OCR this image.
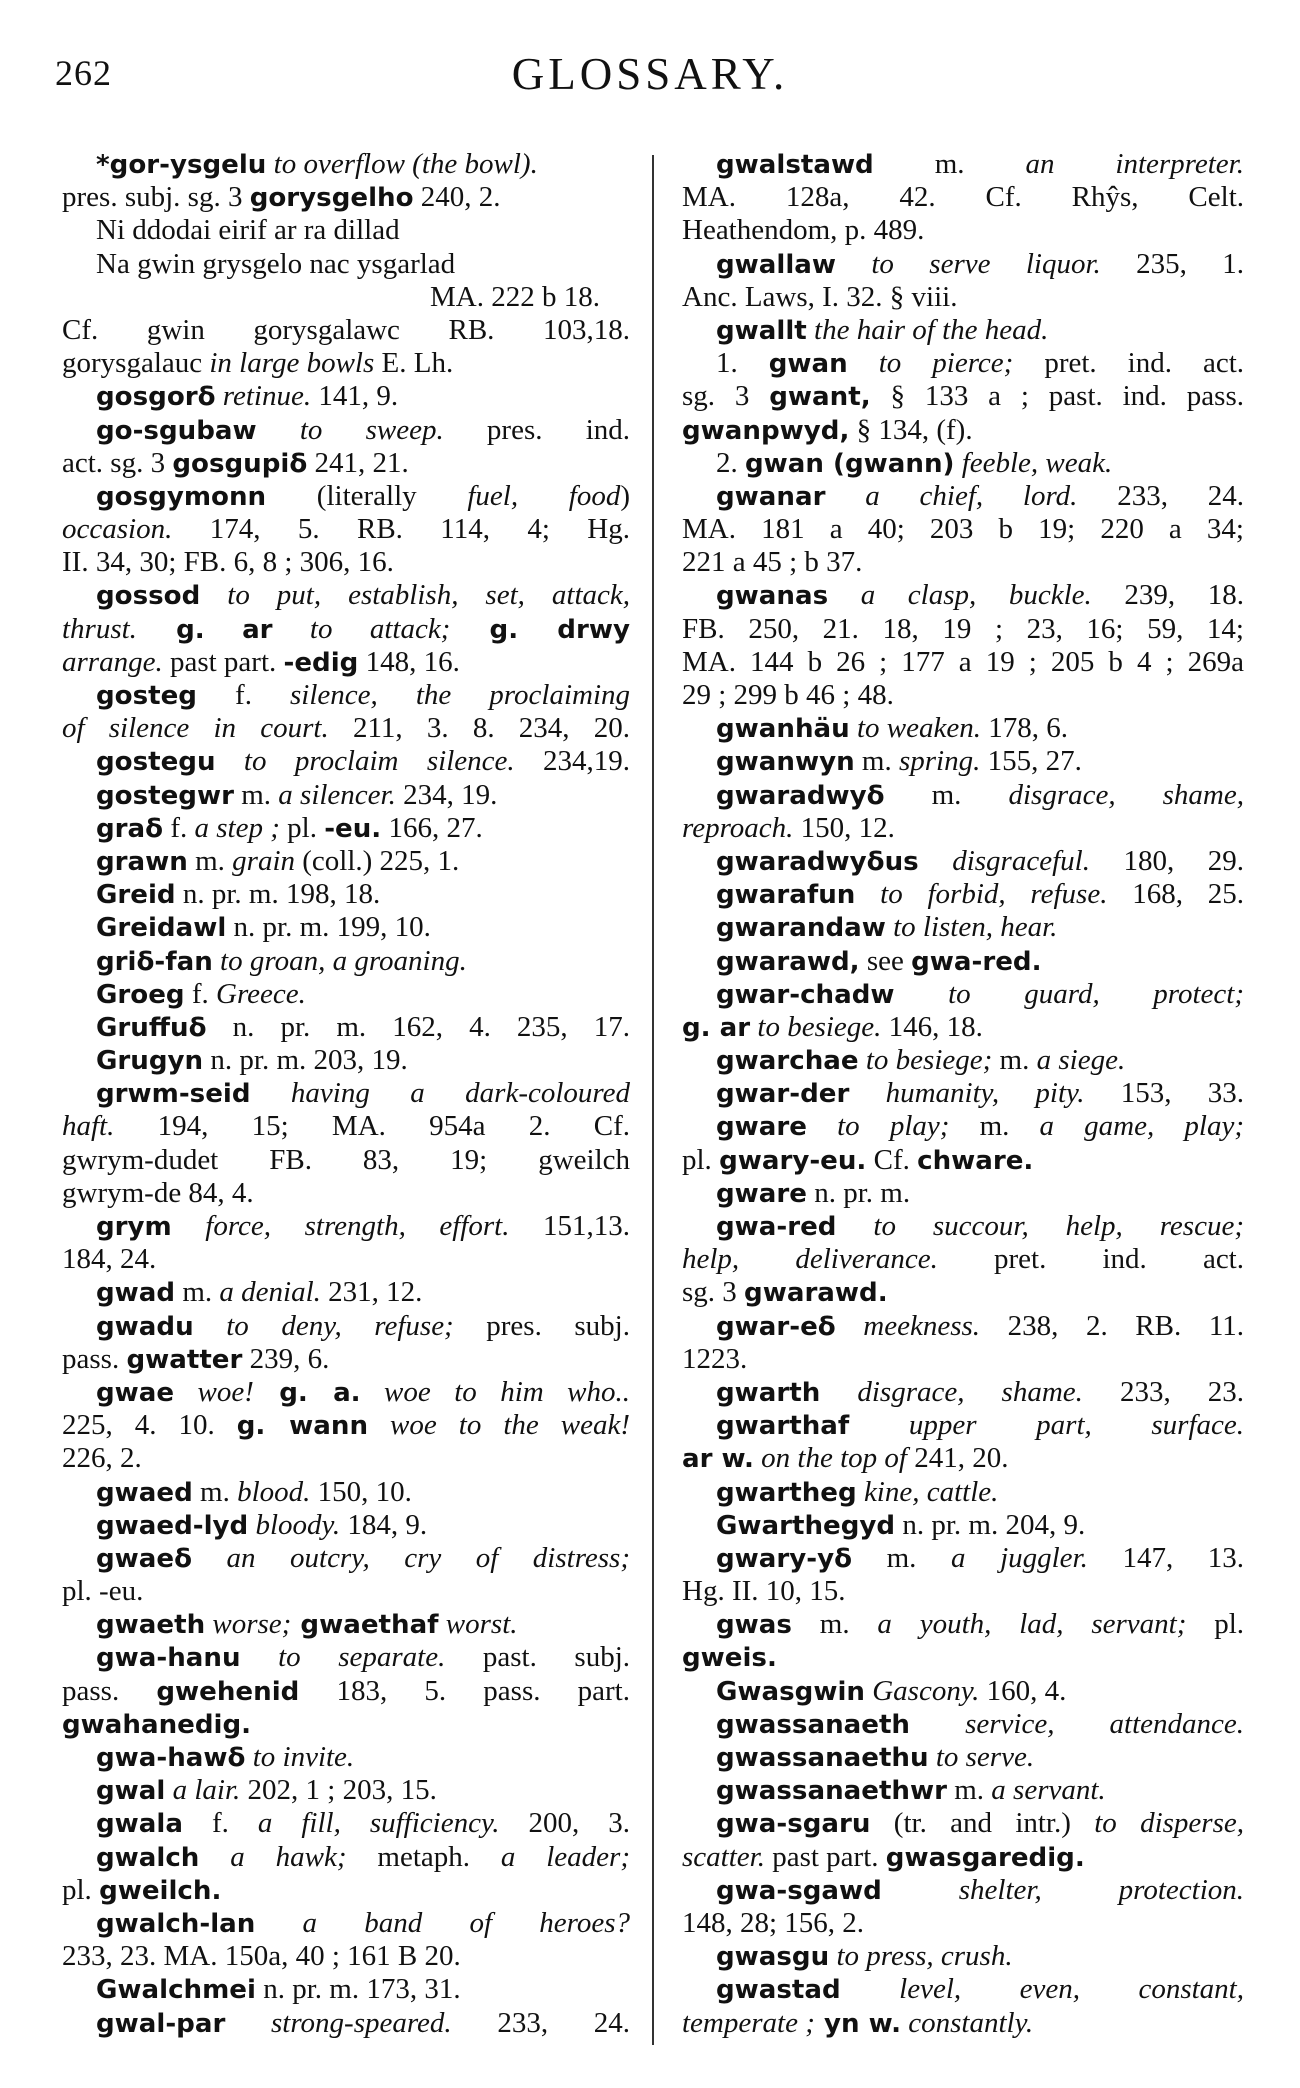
262	GLOSSARY.
*gor-ysgelu to overflow (the bowl).
pres. subj. sg. 3 gorysgelho 240, 2.
Ni ddodai eirif ar ra dillad
Na gwin grysgelo nac ysgarlad
MA. 222 b 18.
Cf. gwin gorysgalawc RB. 103,18.
gorysgalauc in large bowls E. Lh.
gosgorδ retinue. 141, 9.
go-sgubaw to sweep. pres. ind.
act. sg. 3 gosgupiδ 241, 21.
gosgymonn (literally fuel, food)
occasion. 174, 5. RB. 114, 4; Hg.
II. 34, 30; FB. 6, 8 ; 306, 16.
gossod to put, establish, set, attack,
thrust. g. ar to attack; g. drwy
arrange. past part. -edig 148, 16.
gosteg f. silence, the proclaiming
of silence in court. 211, 3. 8. 234, 20.
gostegu to proclaim silence. 234,19.
gostegwr m. a silencer. 234, 19.
graδ f. a step ; pl. -eu. 166, 27.
grawn m. grain (coll.) 225, 1.
Greid n. pr. m. 198, 18.
Greidawl n. pr. m. 199, 10.
griδ-fan to groan, a groaning.
Groeg f. Greece.
Gruffuδ n. pr. m. 162, 4. 235, 17.
Grugyn n. pr. m. 203, 19.
grwm-seid having a dark-coloured
haft. 194, 15; MA. 954a 2. Cf.
gwrym-dudet FB. 83, 19; gweilch
gwrym-de 84, 4.
grym force, strength, effort. 151,13.
184, 24.
gwad m. a denial. 231, 12.
gwadu to deny, refuse; pres. subj.
pass. gwatter 239, 6.
gwae woe! g. a. woe to him who..
225, 4. 10. g. wann woe to the weak!
226, 2.
gwaed m. blood. 150, 10.
gwaed-lyd bloody. 184, 9.
gwaeδ an outcry, cry of distress;
pl. -eu.
gwaeth worse; gwaethaf worst.
gwa-hanu to separate. past. subj.
pass. gwehenid 183, 5. pass. part.
gwahanedig.
gwa-hawδ to invite.
gwal a lair. 202, 1 ; 203, 15.
gwala f. a fill, sufficiency. 200, 3.
gwalch a hawk; metaph. a leader;
pl. gweilch.
gwalch-lan a band of heroes?
233, 23. MA. 150a, 40 ; 161 B 20.
Gwalchmei n. pr. m. 173, 31.
gwal-par strong-speared. 233, 24.
gwalstawd m. an interpreter.
MA. 128a, 42. Cf. Rhŷs, Celt.
Heathendom, p. 489.
gwallaw to serve liquor. 235, 1.
Anc. Laws, I. 32. § viii.
gwallt the hair of the head.
1. gwan to pierce; pret. ind. act.
sg. 3 gwant, § 133 a ; past. ind. pass.
gwanpwyd, § 134, (f).
2. gwan (gwann) feeble, weak.
gwanar a chief, lord. 233, 24.
MA. 181 a 40; 203 b 19; 220 a 34;
221 a 45 ; b 37.
gwanas a clasp, buckle. 239, 18.
FB. 250, 21. 18, 19 ; 23, 16; 59, 14;
MA. 144 b 26 ; 177 a 19 ; 205 b 4 ; 269a
29 ; 299 b 46 ; 48.
gwanhäu to weaken. 178, 6.
gwanwyn m. spring. 155, 27.
gwaradwyδ m. disgrace, shame,
reproach. 150, 12.
gwaradwyδus disgraceful. 180, 29.
gwarafun to forbid, refuse. 168, 25.
gwarandaw to listen, hear.
gwarawd, see gwa-red.
gwar-chadw to guard, protect;
g. ar to besiege. 146, 18.
gwarchae to besiege; m. a siege.
gwar-der humanity, pity. 153, 33.
gware to play; m. a game, play;
pl. gwary-eu. Cf. chware.
gware n. pr. m.
gwa-red to succour, help, rescue;
help, deliverance. pret. ind. act.
sg. 3 gwarawd.
gwar-eδ meekness. 238, 2. RB. 11.
1223.
gwarth disgrace, shame. 233, 23.
gwarthaf upper part, surface.
ar w. on the top of 241, 20.
gwartheg kine, cattle.
Gwarthegyd n. pr. m. 204, 9.
gwary-yδ m. a juggler. 147, 13.
Hg. II. 10, 15.
gwas m. a youth, lad, servant; pl.
gweis.
Gwasgwin Gascony. 160, 4.
gwassanaeth service, attendance.
gwassanaethu to serve.
gwassanaethwr m. a servant.
gwa-sgaru (tr. and intr.) to disperse,
scatter. past part. gwasgaredig.
gwa-sgawd shelter, protection.
148, 28; 156, 2.
gwasgu to press, crush.
gwastad level, even, constant,
temperate ; yn w. constantly.
